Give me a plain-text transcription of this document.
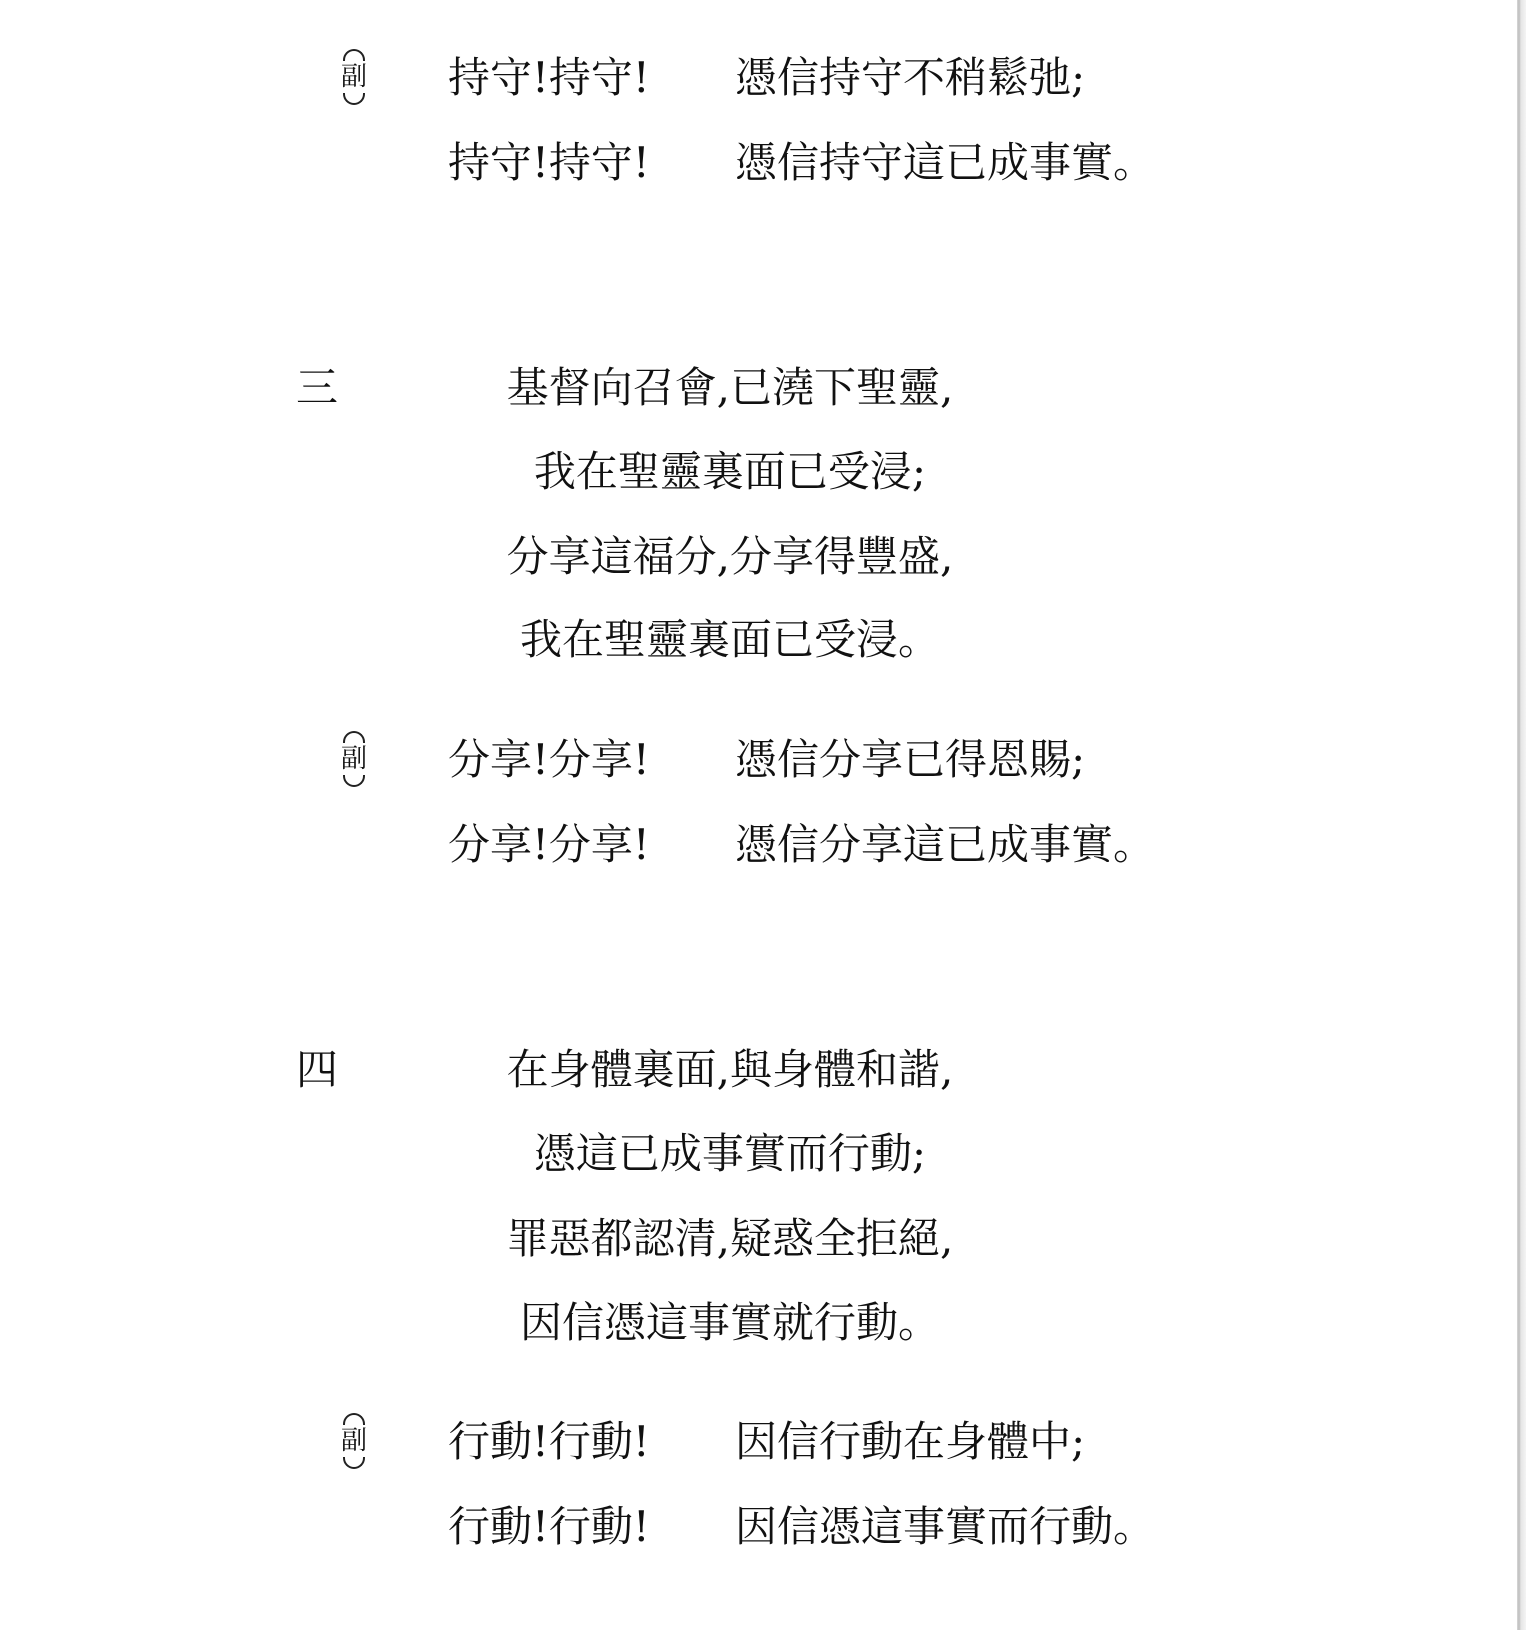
副 持守!持守! 憑信持守不稍鬆弛;
持守!持守! 憑信持守這已成事實。
三	基督向召會,已澆下聖靈,
我在聖靈裏面已受浸;
分享這福分,分享得豐盛,
我在聖靈裏面已受浸。
副 分享!分享! 憑信分享已得恩賜;
分享!分享! 憑信分享這已成事實。
四	在身體裏面,與身體和諧,
憑這已成事實而行動;
罪惡都認清,疑惑全拒絕,
因信憑這事實就行動。
副 行動!行動! 因信行動在身體中;
行動!行動! 因信憑這事實而行動。
